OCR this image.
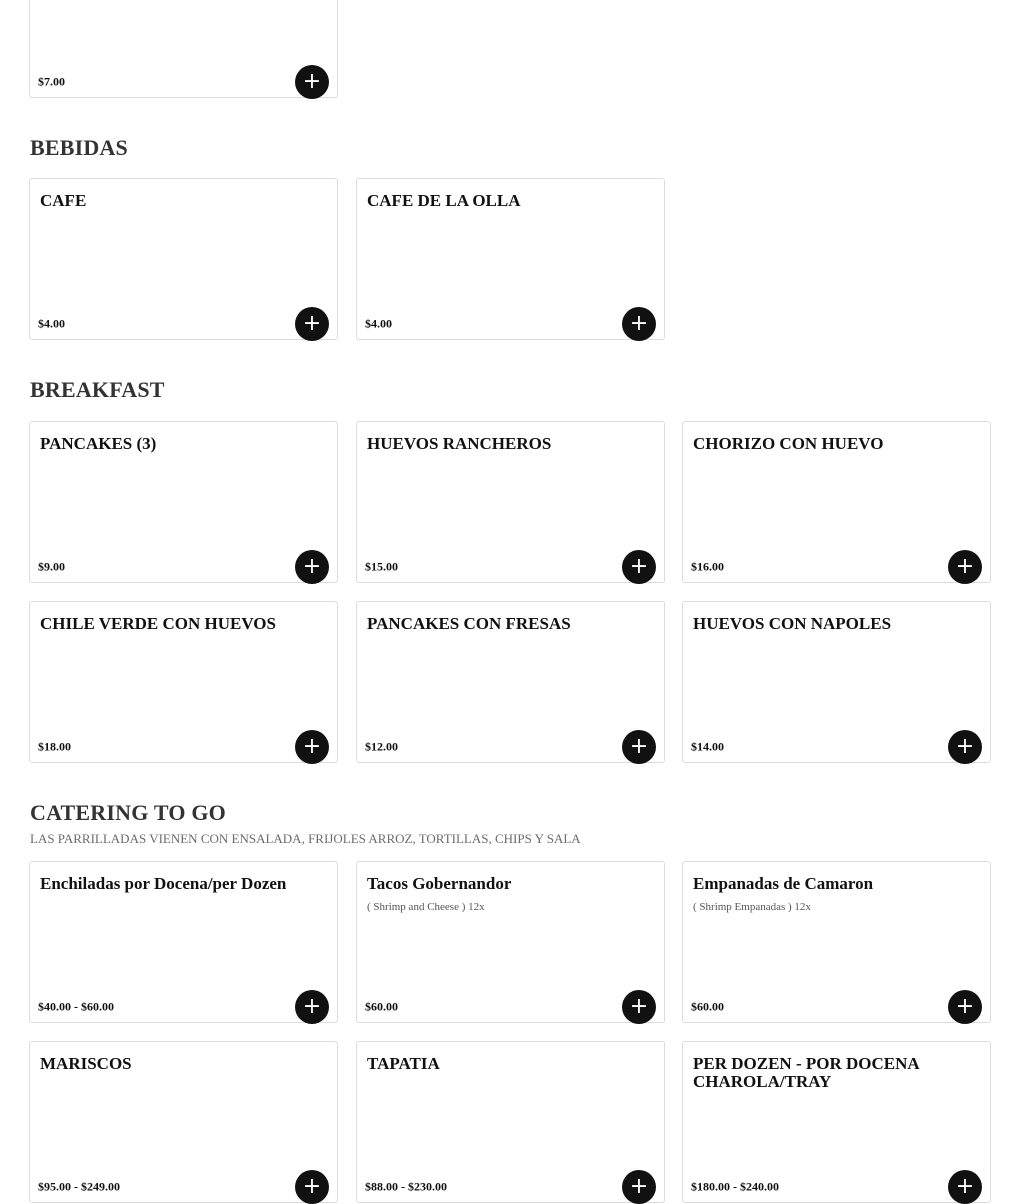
$7.00	+
BEBIDAS
CAFE
$4.00	+
CAFE DE LA OLLA
$4.00	+
BREAKFAST
PANCAKES (3)
$9.00	+
HUEVOS RANCHEROS
$15.00	+
CHORIZO CON HUEVO
$16.00	+
CHILE VERDE CON HUEVOS
$18.00	+
PANCAKES CON FRESAS
$12.00	+
HUEVOS CON NAPOLES
$14.00	+
CATERING TO GO

LAS PARRILLADAS VIENEN CON ENSALADA, FRIJOLES ARROZ, TORTILLAS, CHIPS Y SALA

Enchiladas por Docena/per Dozen
$40.00 - $60.00	+
Tacos Gobernandor

( Shrimp and Cheese ) 12x

$60.00	+
Empanadas de Camaron

( Shrimp Empanadas ) 12x

$60.00	+
MARISCOS
$95.00 - $249.00	+
TAPATIA
$88.00 - $230.00	+
PER DOZEN - POR DOCENA CHAROLA/TRAY
$180.00 - $240.00	+
